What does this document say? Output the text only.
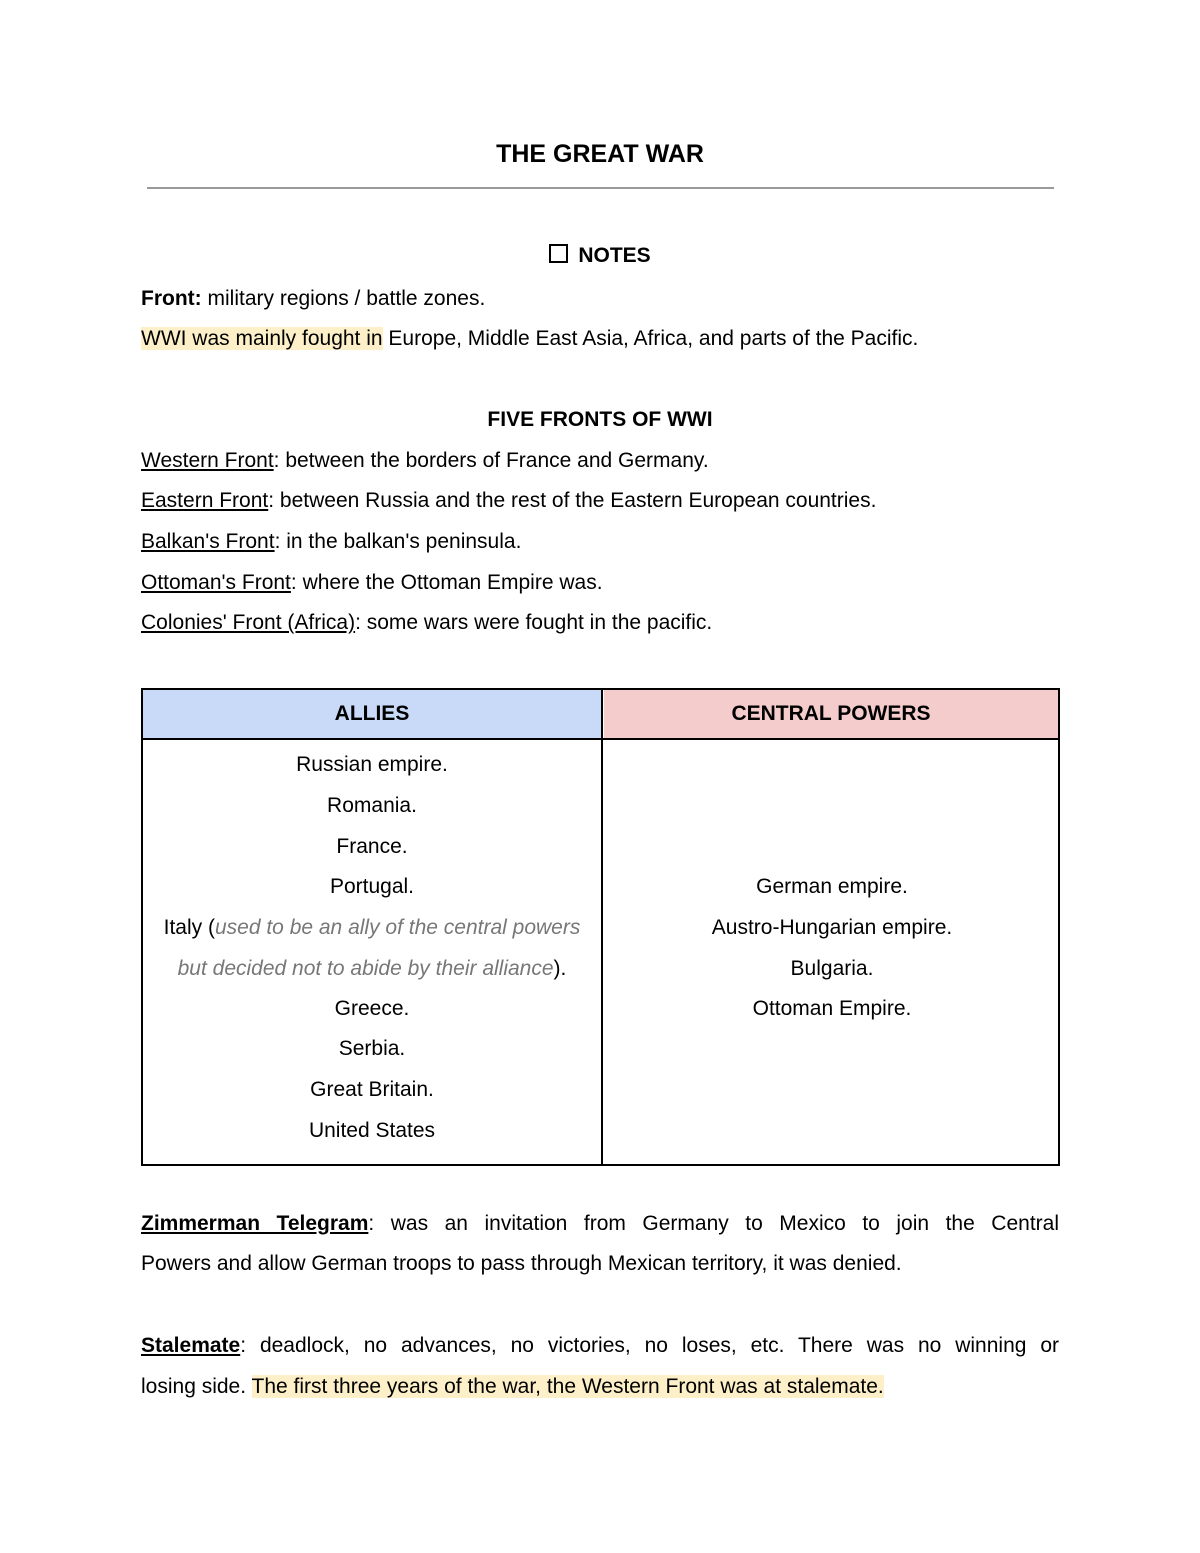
THE GREAT WAR
NOTES
Front: military regions / battle zones.
WWI was mainly fought in Europe, Middle East Asia, Africa, and parts of the Pacific.
FIVE FRONTS OF WWI
Western Front: between the borders of France and Germany.
Eastern Front: between Russia and the rest of the Eastern European countries.
Balkan's Front: in the balkan's peninsula.
Ottoman's Front: where the Ottoman Empire was.
Colonies' Front (Africa): some wars were fought in the pacific.
ALLIES	CENTRAL POWERS
Russian empire.
Romania.
France.
Portugal.
Italy (used to be an ally of the central powers
but decided not to abide by their alliance).
Greece.
Serbia.
Great Britain.
United States
German empire.
Austro-Hungarian empire.
Bulgaria.
Ottoman Empire.
Zimmerman Telegram: was an invitation from Germany to Mexico to join the Central
Powers and allow German troops to pass through Mexican territory, it was denied.
Stalemate: deadlock, no advances, no victories, no loses, etc. There was no winning or
losing side. The first three years of the war, the Western Front was at stalemate.
